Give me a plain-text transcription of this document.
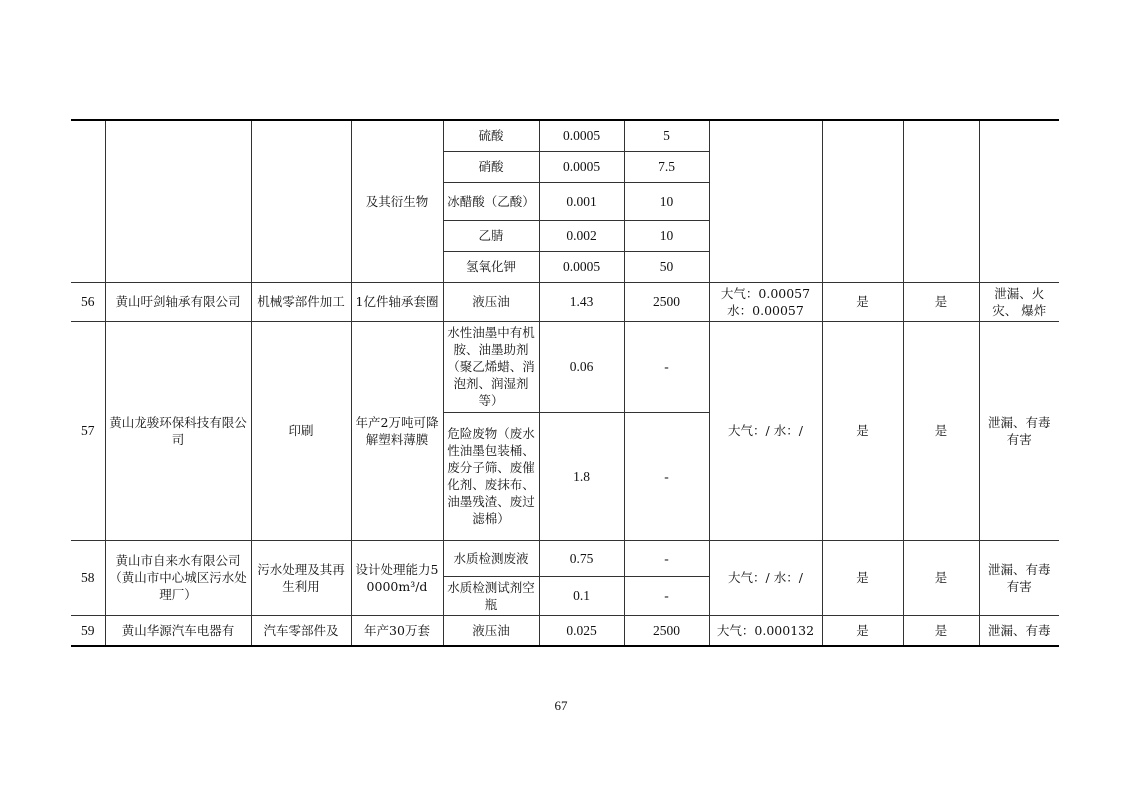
			及其衍生物	硫酸	0.0005	5				
				硝酸	0.0005	7.5				
				冰醋酸（乙酸）	0.001	10				
				乙腈	0.002	10				
				氢氧化钾	0.0005	50				
56	黄山吁剑轴承有限公司	机械零部件加工	1亿件轴承套圈	液压油	1.43	2500	大气：0.00057 水：0.00057	是	是	泄漏、火灾、 爆炸
57	黄山龙骏环保科技有限公司	印刷	年产2万吨可降解塑料薄膜	水性油墨中有机胺、油墨助剂（聚乙烯蜡、消泡剂、润湿剂等）	0.06	-	大气：/ 水：/	是	是	泄漏、有毒有害
				危险废物（废水性油墨包装桶、废分子筛、废催化剂、废抹布、油墨残渣、废过滤棉）	1.8	-				
58	黄山市自来水有限公司（黄山市中心城区污水处理厂）	污水处理及其再生利用	设计处理能力50000m³/d	水质检测废液	0.75	-	大气：/ 水：/	是	是	泄漏、有毒有害
				水质检测试剂空瓶	0.1	-				
59	黄山华源汽车电器有	汽车零部件及	年产30万套	液压油	0.025	2500	大气：0.000132	是	是	泄漏、有毒
67
